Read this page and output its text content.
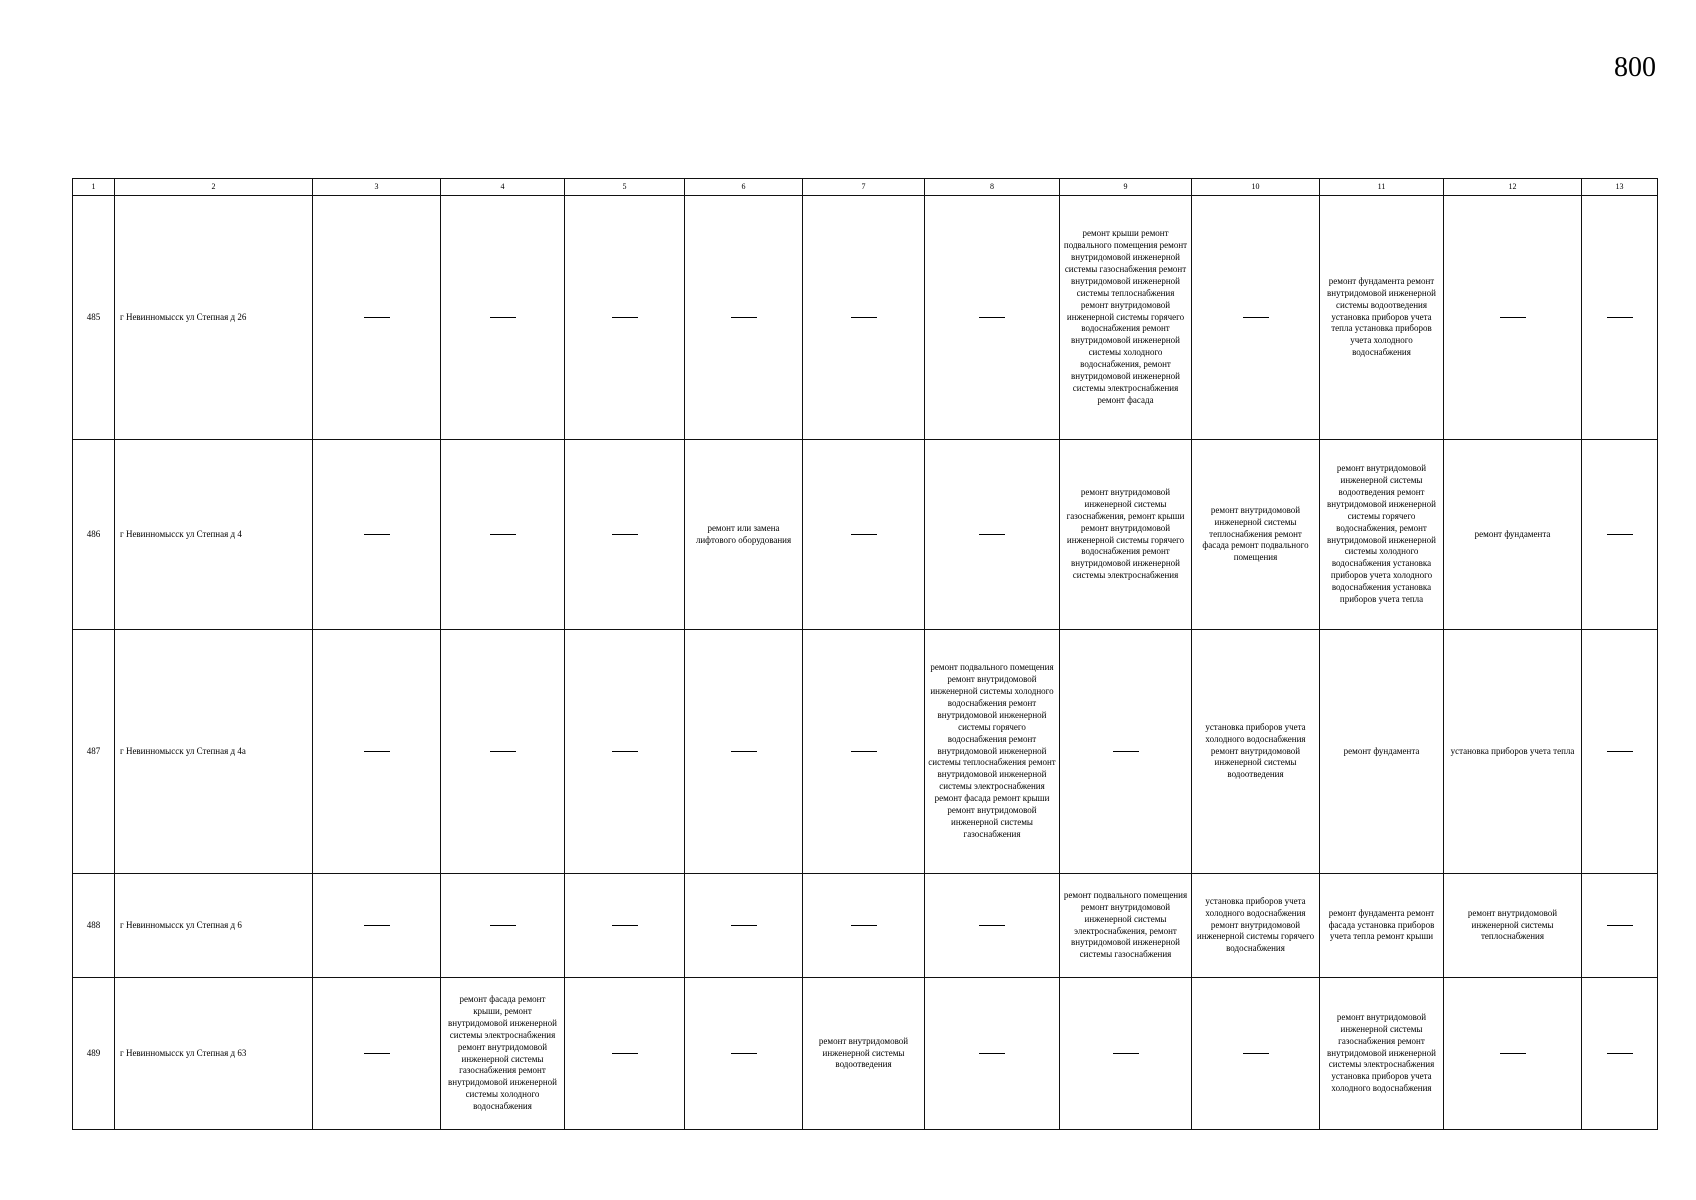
800
1	2	3	4	5	6	7	8	9	10	11	12	13
485	г Невинномысск ул Степная д 26							ремонт крыши ремонт подвального помещения ремонт внутридомовой инженерной системы газоснабжения ремонт внутридомовой инженерной системы теплоснабжения ремонт внутридомовой инженерной системы горячего водоснабжения ремонт внутридомовой инженерной системы холодного водоснабжения, ремонт внутридомовой инженерной системы электроснабжения ремонт фасада		ремонт фундамента ремонт внутридомовой инженерной системы водоотведения установка приборов учета тепла установка приборов учета холодного водоснабжения		

486	г Невинномысск ул Степная д 4				ремонт или замена лифтового оборудования			ремонт внутридомовой инженерной системы газоснабжения, ремонт крыши ремонт внутридомовой инженерной системы горячего водоснабжения ремонт внутридомовой инженерной системы электроснабжения	ремонт внутридомовой инженерной системы теплоснабжения ремонт фасада ремонт подвального помещения	ремонт внутридомовой инженерной системы водоотведения ремонт внутридомовой инженерной системы горячего водоснабжения, ремонт внутридомовой инженерной системы холодного водоснабжения установка приборов учета холодного водоснабжения установка приборов учета тепла	ремонт фундамента	

487	г Невинномысск ул Степная д 4а						ремонт подвального помещения ремонт внутридомовой инженерной системы холодного водоснабжения ремонт внутридомовой инженерной системы горячего водоснабжения ремонт внутридомовой инженерной системы теплоснабжения ремонт внутридомовой инженерной системы электроснабжения ремонт фасада ремонт крыши ремонт внутридомовой инженерной системы газоснабжения		установка приборов учета холодного водоснабжения ремонт внутридомовой инженерной системы водоотведения	ремонт фундамента	установка приборов учета тепла	

488	г Невинномысск ул Степная д 6							ремонт подвального помещения ремонт внутридомовой инженерной системы электроснабжения, ремонт внутридомовой инженерной системы газоснабжения	установка приборов учета холодного водоснабжения ремонт внутридомовой инженерной системы горячего водоснабжения	ремонт фундамента ремонт фасада установка приборов учета тепла ремонт крыши	ремонт внутридомовой инженерной системы теплоснабжения	

489	г Невинномысск ул Степная д 63		ремонт фасада ремонт крыши, ремонт внутридомовой инженерной системы электроснабжения ремонт внутридомовой инженерной системы газоснабжения ремонт внутридомовой инженерной системы холодного водоснабжения			ремонт внутридомовой инженерной системы водоотведения				ремонт внутридомовой инженерной системы газоснабжения ремонт внутридомовой инженерной системы электроснабжения установка приборов учета холодного водоснабжения		
